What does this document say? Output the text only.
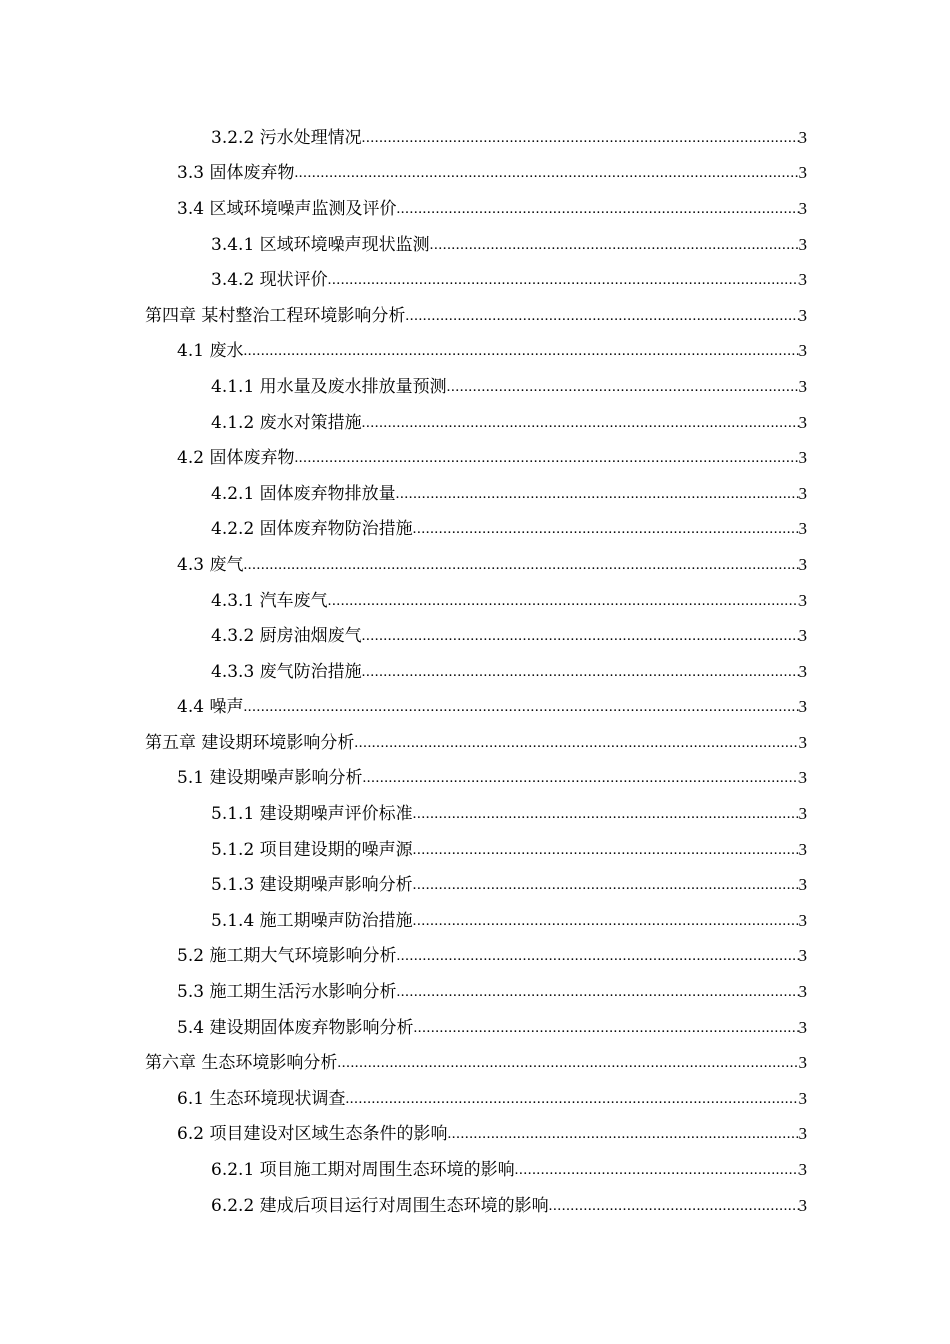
3.2.2 污水处理情况 .....	3
3.3 固体废弃物 .....	3
3.4 区域环境噪声监测及评价 .....	3
3.4.1 区域环境噪声现状监测 .....	3
3.4.2 现状评价 .....	3
第四章 某村整治工程环境影响分析 .....	3
4.1 废水 .....	3
4.1.1 用水量及废水排放量预测 .....	3
4.1.2 废水对策措施 .....	3
4.2 固体废弃物 .....	3
4.2.1 固体废弃物排放量 .....	3
4.2.2 固体废弃物防治措施 .....	3
4.3 废气 .....	3
4.3.1 汽车废气 .....	3
4.3.2 厨房油烟废气 .....	3
4.3.3 废气防治措施 .....	3
4.4 噪声 .....	3
第五章 建设期环境影响分析 .....	3
5.1 建设期噪声影响分析 .....	3
5.1.1 建设期噪声评价标准 .....	3
5.1.2 项目建设期的噪声源 .....	3
5.1.3 建设期噪声影响分析 .....	3
5.1.4 施工期噪声防治措施 .....	3
5.2 施工期大气环境影响分析 .....	3
5.3 施工期生活污水影响分析 .....	3
5.4 建设期固体废弃物影响分析 .....	3
第六章 生态环境影响分析 .....	3
6.1 生态环境现状调查 .....	3
6.2 项目建设对区域生态条件的影响 .....	3
6.2.1 项目施工期对周围生态环境的影响 .....	3
6.2.2 建成后项目运行对周围生态环境的影响 .....	3
